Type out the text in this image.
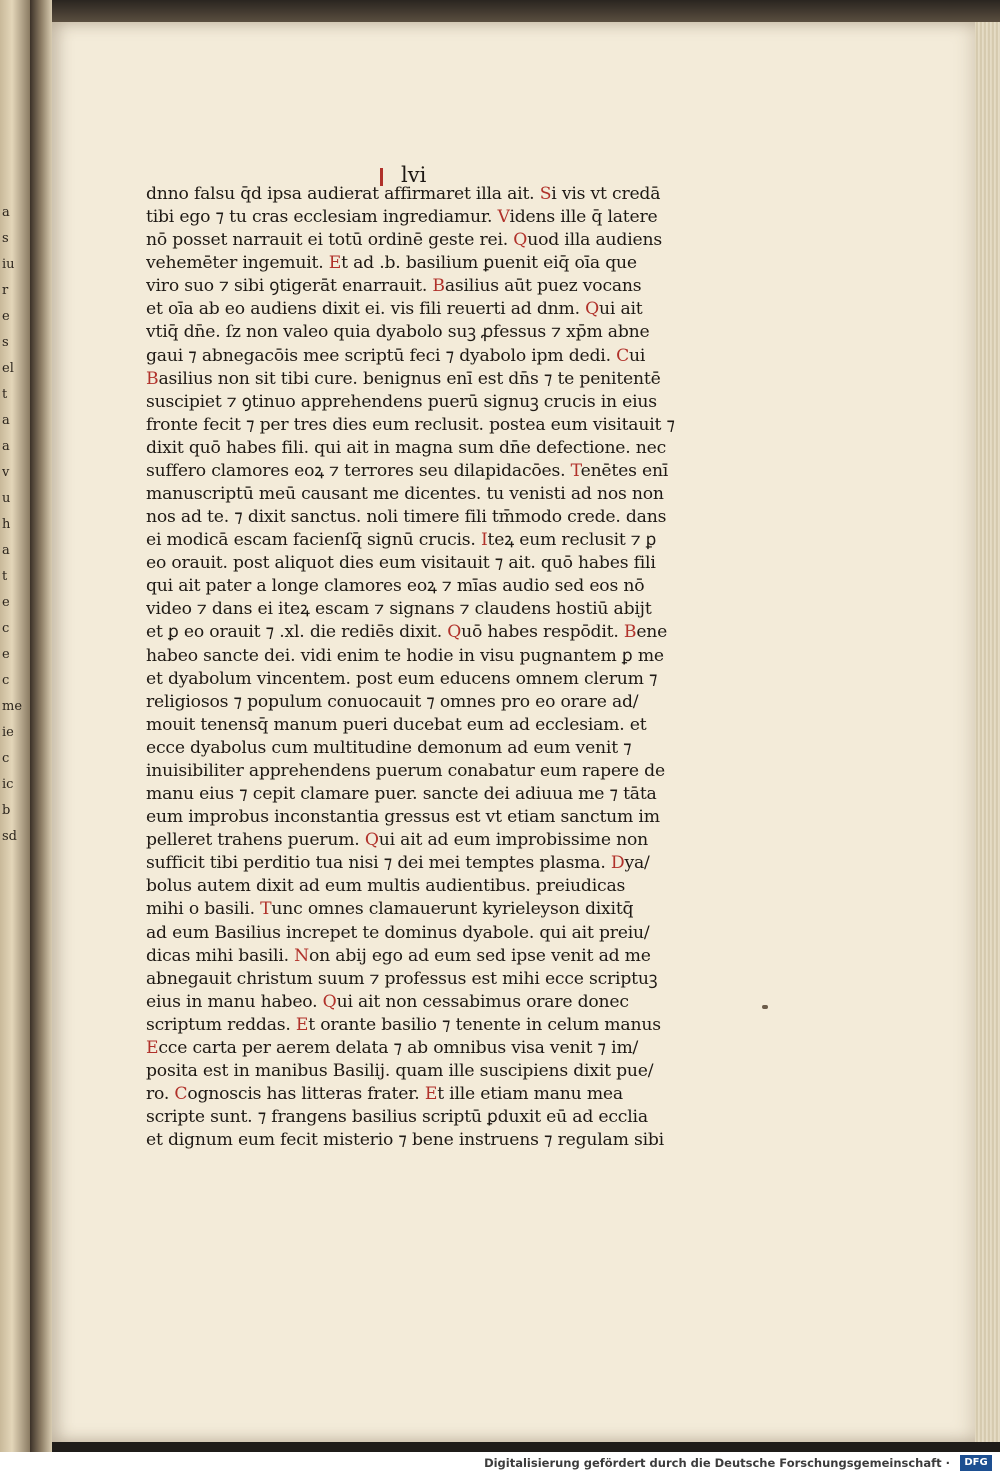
a
s
iu
r
e
s
el
t
a
a
v
u
h
a
t
e
c
e
c
me
ie
c
ic
b
sd
lvi
dnno falsu q̄d ipsa audierat affirmaret illa ait. Si vis vt credā
tibi ego ⁊ tu cras ecclesiam ingrediamur. Videns ille q̄ latere
nō posset narrauit ei totū ordinē geste rei. Quod illa audiens
vehemēter ingemuit. Et ad .b. basilium ꝑuenit eiq̄ oīa que
viro suo ⁊ sibi ꝯtigerāt enarrauit. Basilius aūt puez vocans
et oīa ab eo audiens dixit ei. vis fili reuerti ad dnm. Qui ait
vtiq̄ dn̄e. ſz non valeo quia dyabolo suꝫ ꝓfessus ⁊ xp̄m abne
gaui ⁊ abnegacōis mee scriptū feci ⁊ dyabolo ipm dedi. Cui
Basilius non sit tibi cure. benignus enī est dn̄s ⁊ te penitentē
suscipiet ⁊ ꝯtinuo apprehendens puerū signuꝫ crucis in eius
fronte fecit ⁊ per tres dies eum reclusit. postea eum visitauit ⁊
dixit quō habes fili. qui ait in magna sum dn̄e defectione. nec
suffero clamores eoꝝ ⁊ terrores seu dilapidacōes. Tenētes enī
manuscriptū meū causant me dicentes. tu venisti ad nos non
nos ad te. ⁊ dixit sanctus. noli timere fili tm̄modo crede. dans
ei modicā escam facienſq̄ signū crucis. Iteꝝ eum reclusit ⁊ ꝑ
eo orauit. post aliquot dies eum visitauit ⁊ ait. quō habes fili
qui ait pater a longe clamores eoꝝ ⁊ mīas audio sed eos nō
video ⁊ dans ei iteꝝ escam ⁊ signans ⁊ claudens hostiū abijt
et ꝑ eo orauit ⁊ .xl. die rediēs dixit. Quō habes respōdit. Bene
habeo sancte dei. vidi enim te hodie in visu pugnantem ꝑ me
et dyabolum vincentem. post eum educens omnem clerum ⁊
religiosos ⁊ populum conuocauit ⁊ omnes pro eo orare ad/
mouit tenensq̄ manum pueri ducebat eum ad ecclesiam. et
ecce dyabolus cum multitudine demonum ad eum venit ⁊
inuisibiliter apprehendens puerum conabatur eum rapere de
manu eius ⁊ cepit clamare puer. sancte dei adiuua me ⁊ tāta
eum improbus inconstantia gressus est vt etiam sanctum im
pelleret trahens puerum. Qui ait ad eum improbissime non
sufficit tibi perditio tua nisi ⁊ dei mei temptes plasma. Dya/
bolus autem dixit ad eum multis audientibus. preiudicas
mihi o basili. Tunc omnes clamauerunt kyrieleyson dixitq̄
ad eum Basilius increpet te dominus dyabole. qui ait preiu/
dicas mihi basili. Non abij ego ad eum sed ipse venit ad me
abnegauit christum suum ⁊ professus est mihi ecce scriptuꝫ
eius in manu habeo. Qui ait non cessabimus orare donec
scriptum reddas. Et orante basilio ⁊ tenente in celum manus
Ecce carta per aerem delata ⁊ ab omnibus visa venit ⁊ im/
posita est in manibus Basilij. quam ille suscipiens dixit pue/
ro. Cognoscis has litteras frater. Et ille etiam manu mea
scripte sunt. ⁊ frangens basilius scriptū ꝑduxit eū ad ecclia
et dignum eum fecit misterio ⁊ bene instruens ⁊ regulam sibi
Digitalisierung gefördert durch die Deutsche Forschungsgemeinschaft ·	DFG
